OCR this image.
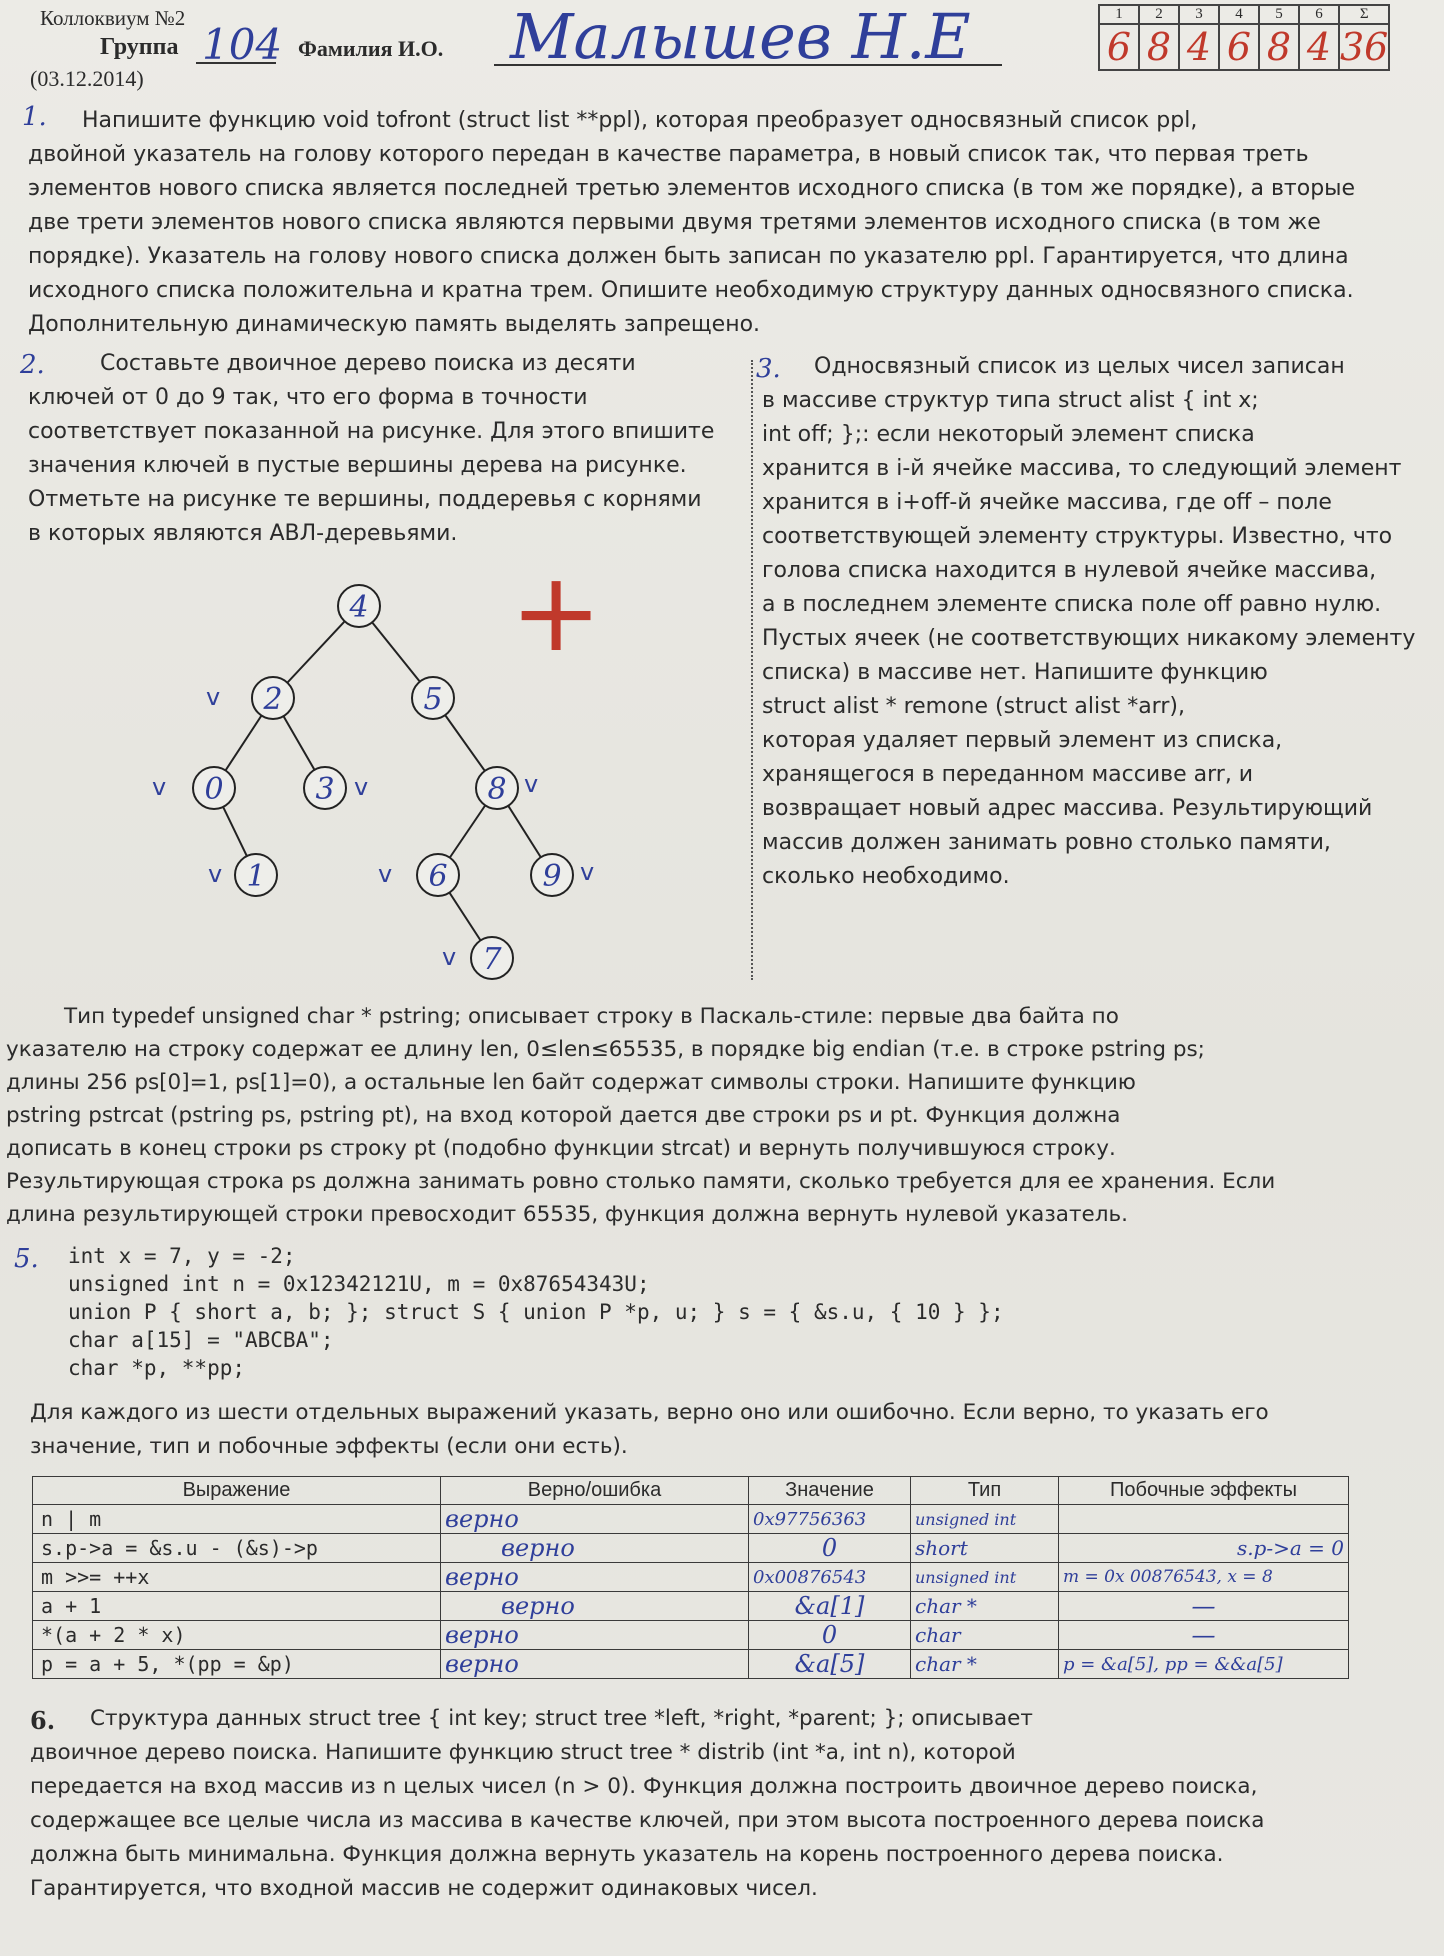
Коллоквиум №2
Группа 104 Фамилия И.О. Малышев Н.Е
(03.12.2014)
1	2	3	4	5	6	Σ
6	8	4	6	8	4	36
1.	Напишите функцию void tofront (struct list **ppl), которая преобразует односвязный список ppl,

двойной указатель на голову которого передан в качестве параметра, в новый список так, что первая треть

элементов нового списка является последней третью элементов исходного списка (в том же порядке), а вторые

две трети элементов нового списка являются первыми двумя третями элементов исходного списка (в том же

порядке). Указатель на голову нового списка должен быть записан по указателю ppl. Гарантируется, что длина

исходного списка положительна и кратна трем. Опишите необходимую структуру данных односвязного списка.

Дополнительную динамическую память выделять запрещено.

2.	Составьте двоичное дерево поиска из десяти

ключей от 0 до 9 так, что его форма в точности

соответствует показанной на рисунке. Для этого впишите

значения ключей в пустые вершины дерева на рисунке.

Отметьте на рисунке те вершины, поддеревья с корнями

в которых являются АВЛ-деревьями.

4
2	5
0	3	8
1	6	9
7
v
v	v	v
v	v	v
v
+
3.	Односвязный список из целых чисел записан

в массиве структур типа struct alist { int x;

int off; };: если некоторый элемент списка

хранится в i-й ячейке массива, то следующий элемент

хранится в i+off-й ячейке массива, где off – поле

соответствующей элементу структуры. Известно, что

голова списка находится в нулевой ячейке массива,

а в последнем элементе списка поле off равно нулю.

Пустых ячеек (не соответствующих никакому элементу

списка) в массиве нет. Напишите функцию

struct alist * remone (struct alist *arr),

которая удаляет первый элемент из списка,

хранящегося в переданном массиве arr, и

возвращает новый адрес массива. Результирующий

массив должен занимать ровно столько памяти,

сколько необходимо.

Тип typedef unsigned char * pstring; описывает строку в Паскаль-стиле: первые два байта по

указателю на строку содержат ее длину len, 0≤len≤65535, в порядке big endian (т.е. в строке pstring ps;

длины 256 ps[0]=1, ps[1]=0), а остальные len байт содержат символы строки. Напишите функцию

pstring pstrcat (pstring ps, pstring pt), на вход которой дается две строки ps и pt. Функция должна

дописать в конец строки ps строку pt (подобно функции strcat) и вернуть получившуюся строку.

Результирующая строка ps должна занимать ровно столько памяти, сколько требуется для ее хранения. Если

длина результирующей строки превосходит 65535, функция должна вернуть нулевой указатель.

5. int x = 7, y = -2;
unsigned int n = 0x12342121U, m = 0x87654343U;
union P { short a, b; }; struct S { union P *p, u; } s = { &s.u, { 10 } };
char a[15] = "ABCBA";
char *p, **pp;

Для каждого из шести отдельных выражений указать, верно оно или ошибочно. Если верно, то указать его

значение, тип и побочные эффекты (если они есть).

Выражение	Верно/ошибка	Значение	Тип	Побочные эффекты
n | m	верно	0x97756363	unsigned int	
s.p->a = &s.u - (&s)->p	верно	0	short	s.p->a = 0
m >>= ++x	верно	0x00876543	unsigned int	m = 0x 00876543, x = 8
a + 1	верно	&a[1]	char *	—
*(a + 2 * x)	верно	0	char	—
p = a + 5, *(pp = &p)	верно	&a[5]	char *	p = &a[5], pp = &&a[5]
6.	Структура данных struct tree { int key; struct tree *left, *right, *parent; }; описывает

двоичное дерево поиска. Напишите функцию struct tree * distrib (int *a, int n), которой

передается на вход массив из n целых чисел (n > 0). Функция должна построить двоичное дерево поиска,

содержащее все целые числа из массива в качестве ключей, при этом высота построенного дерева поиска

должна быть минимальна. Функция должна вернуть указатель на корень построенного дерева поиска.

Гарантируется, что входной массив не содержит одинаковых чисел.
